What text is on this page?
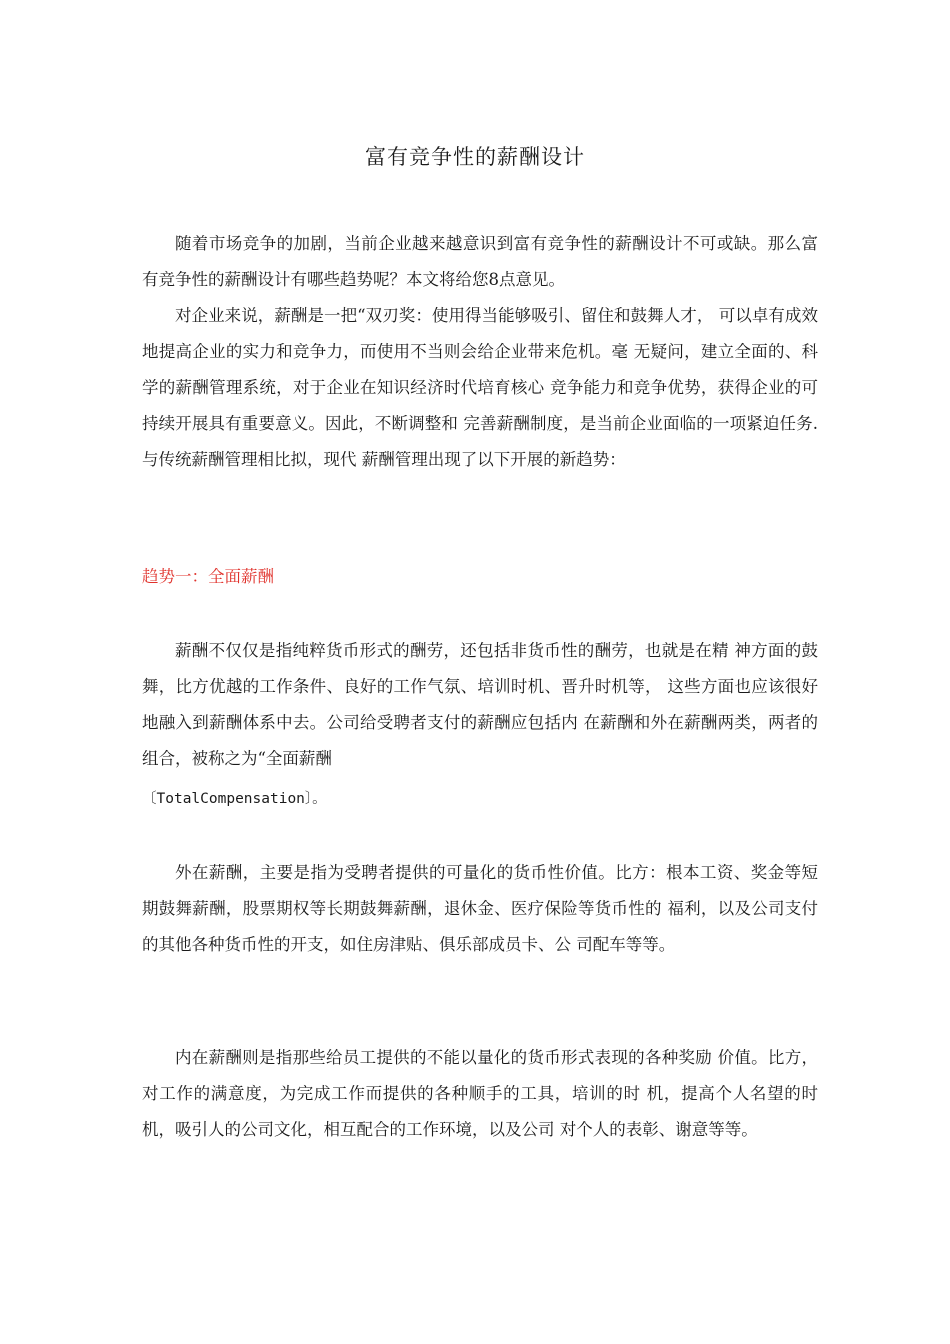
富有竞争性的薪酬设计

随着市场竞争的加剧，当前企业越来越意识到富有竞争性的薪酬设计不可或缺。那么富有竞争性的薪酬设计有哪些趋势呢？本文将给您8点意见。

对企业来说，薪酬是一把“双刃奖：使用得当能够吸引、留住和鼓舞人才， 可以卓有成效地提高企业的实力和竞争力，而使用不当则会给企业带来危机。毫 无疑问，建立全面的、科学的薪酬管理系统，对于企业在知识经济时代培育核心 竞争能力和竞争优势，获得企业的可持续开展具有重要意义。因此，不断调整和 完善薪酬制度，是当前企业面临的一项紧迫任务.与传统薪酬管理相比拟，现代 薪酬管理出现了以下开展的新趋势：

趋势一：全面薪酬

薪酬不仅仅是指纯粹货币形式的酬劳，还包括非货币性的酬劳，也就是在精 神方面的鼓舞，比方优越的工作条件、良好的工作气氛、培训时机、晋升时机等， 这些方面也应该很好地融入到薪酬体系中去。公司给受聘者支付的薪酬应包括内 在薪酬和外在薪酬两类，两者的组合，被称之为“全面薪酬

〔TotalCompensation〕。

外在薪酬，主要是指为受聘者提供的可量化的货币性价值。比方：根本工资、奖金等短期鼓舞薪酬，股票期权等长期鼓舞薪酬，退休金、医疗保险等货币性的 福利，以及公司支付的其他各种货币性的开支，如住房津贴、俱乐部成员卡、公 司配车等等。

内在薪酬则是指那些给员工提供的不能以量化的货币形式表现的各种奖励 价值。比方，对工作的满意度，为完成工作而提供的各种顺手的工具，培训的时 机，提高个人名望的时机，吸引人的公司文化，相互配合的工作环境，以及公司 对个人的表彰、谢意等等。
